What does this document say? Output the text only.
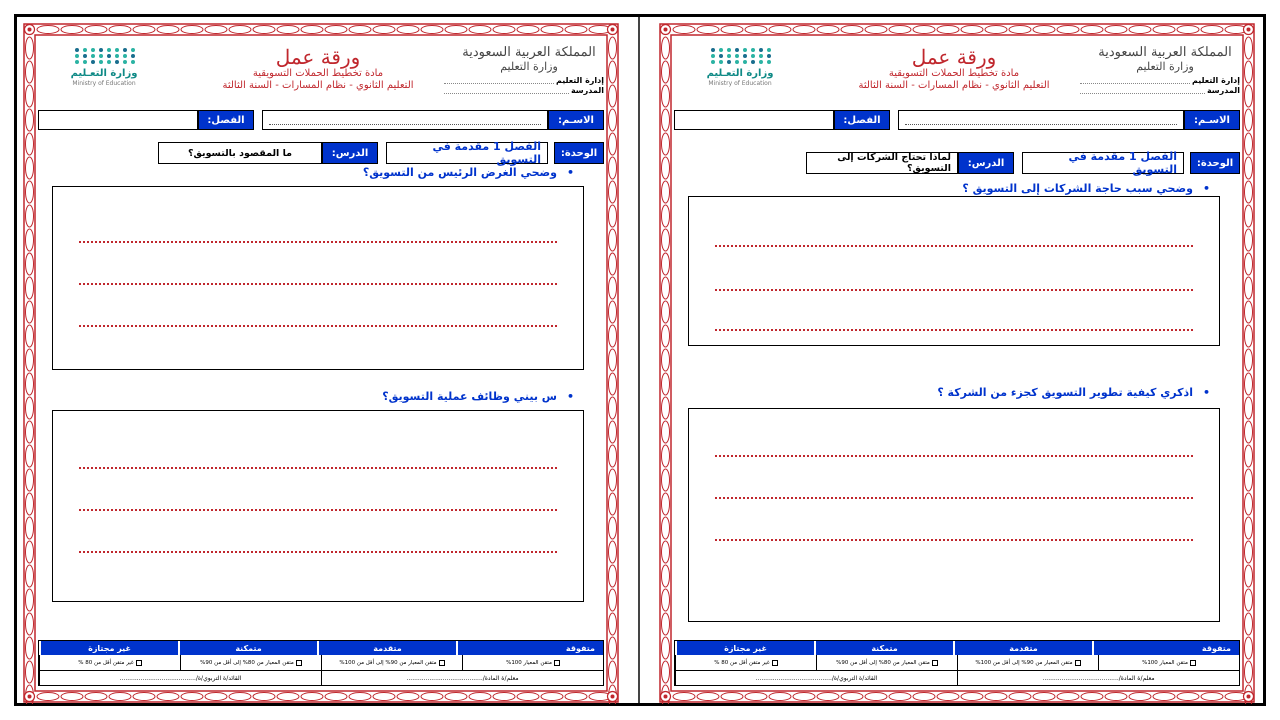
المملكة العربية السعودية
وزارة التعليم
إدارة التعليم
المدرسة
ورقة عمل
مادة تخطيط الحملات التسويقية
التعليم الثانوي - نظام المسارات - السنة الثالثة
وزارة التعـليم
Ministry of Education
الاسـم:
الفصل:
الوحدة:
الفصل 1 مقدمة في التسويق
الدرس:
لماذا تحتاج الشركات إلى التسويق؟
•وضحي سبب حاجة الشركات إلى التسويق ؟
•اذكري كيفية تطوير التسويق كجزء من الشركة ؟
متفوقة
متقدمة
متمكنة
غير مجتازة
متقن المعيار 100%
متقن المعيار من 90% إلى أقل من 100%
متقن المعيار من 80% إلى أقل من 90%
غير متقن أقل من 80 %
معلم/ة المادة/........................................
القائد/ة التربوي/ة/........................................
المملكة العربية السعودية
وزارة التعليم
إدارة التعليم
المدرسة
ورقة عمل
مادة تخطيط الحملات التسويقية
التعليم الثانوي - نظام المسارات - السنة الثالثة
وزارة التعـليم
Ministry of Education
الاسـم:
الفصل:
الوحدة:
الفصل 1 مقدمة في التسويق
الدرس:
ما المقصود بالتسويق؟
•وضحي الغرض الرئيس من التسويق؟
•س بيني وظائف عملية التسويق؟
متفوقة
متقدمة
متمكنة
غير مجتازة
متقن المعيار 100%
متقن المعيار من 90% إلى أقل من 100%
متقن المعيار من 80% إلى أقل من 90%
غير متقن أقل من 80 %
معلم/ة المادة/........................................
القائد/ة التربوي/ة/........................................
